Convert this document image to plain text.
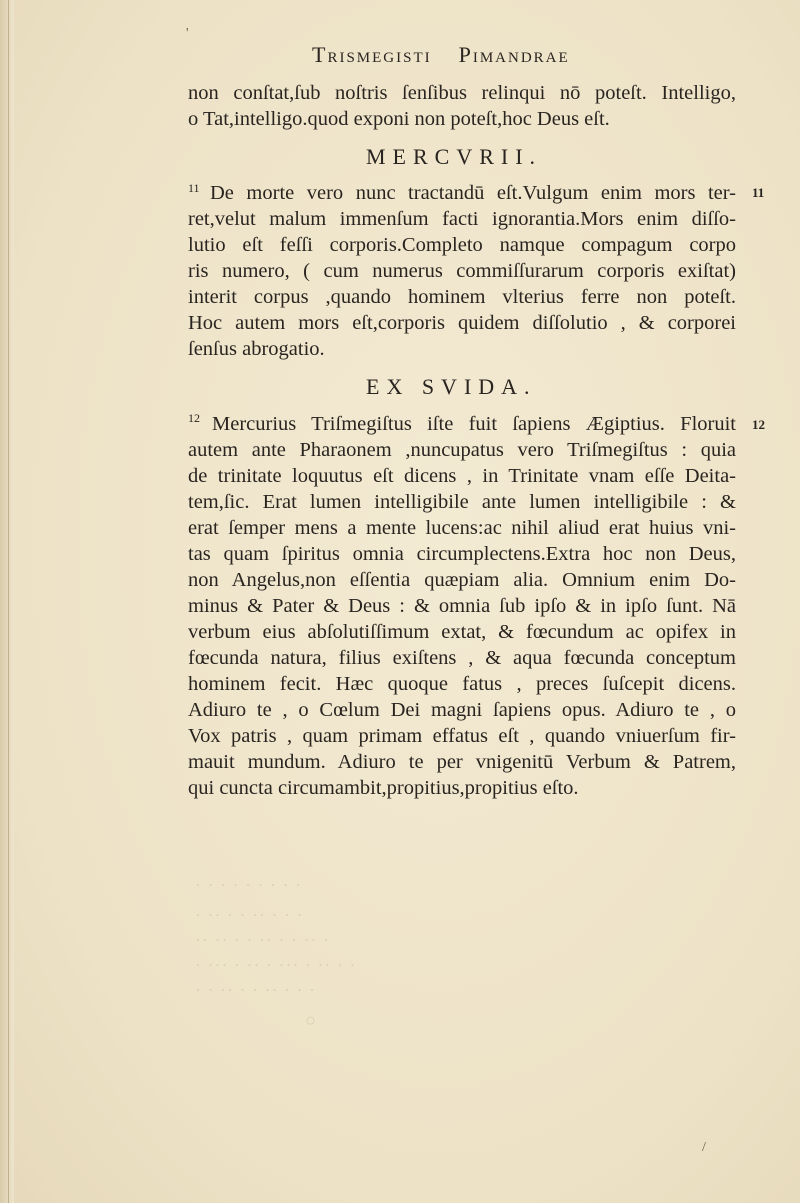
'
Trismegisti Pimandrae
non conſtat,ſub noſtris ſenſibus relinqui nō poteſt. Intelligo,
o Tat,intelligo.quod exponi non poteſt,hoc Deus eſt.
MERCVRII.
11	11
De morte vero nunc tractandū eſt.Vulgum enim mors ter-
ret,velut malum immenſum facti ignorantia.Mors enim diſſo-
lutio eſt feſſi corporis.Completo namque compagum corpo
ris numero, ( cum numerus commiſſurarum corporis exiſtat)
interit corpus ,quando hominem vlterius ferre non poteſt.
Hoc autem mors eſt,corporis quidem diſſolutio , & corporei
ſenſus abrogatio.
EX SVIDA.
12	12
Mercurius Triſmegiſtus iſte fuit ſapiens Ægiptius. Floruit
autem ante Pharaonem ,nuncupatus vero Triſmegiſtus : quia
de trinitate loquutus eſt dicens , in Trinitate vnam eſſe Deita-
tem,ſic. Erat lumen intelligibile ante lumen intelligibile : &
erat ſemper mens a mente lucens:ac nihil aliud erat huius vni-
tas quam ſpiritus omnia circumplectens.Extra hoc non Deus,
non Angelus,non eſſentia quæpiam alia. Omnium enim Do-
minus & Pater & Deus : & omnia ſub ipſo & in ipſo ſunt. Nā
verbum eius abſolutiſſimum extat, & fœcundum ac opifex in
fœcunda natura, filius exiſtens , & aqua fœcunda conceptum
hominem fecit. Hæc quoque fatus , preces ſuſcepit dicens.
Adiuro te , o Cœlum Dei magni ſapiens opus. Adiuro te , o
Vox patris , quam primam effatus eſt , quando vniuerſum fir-
mauit mundum. Adiuro te per vnigenitū Verbum & Patrem,
qui cuncta circumambit,propitius,propitius eſto.
˙ ˙ ˙ ˙ ˙ ˙ ˙ ˙ ˙
˙ ˙˙ ˙ ˙ ˙˙ ˙ ˙ ˙
˙˙ ˙˙ ˙ ˙ ˙˙ ˙ ˙ ˙˙ ˙
˙ ˙˙˙ ˙ ˙˙ ˙ ˙˙˙ ˙ ˙˙ ˙ ˙
˙ ˙ ˙˙ ˙ ˙ ˙˙ ˙ ˙ ˙
○
/
